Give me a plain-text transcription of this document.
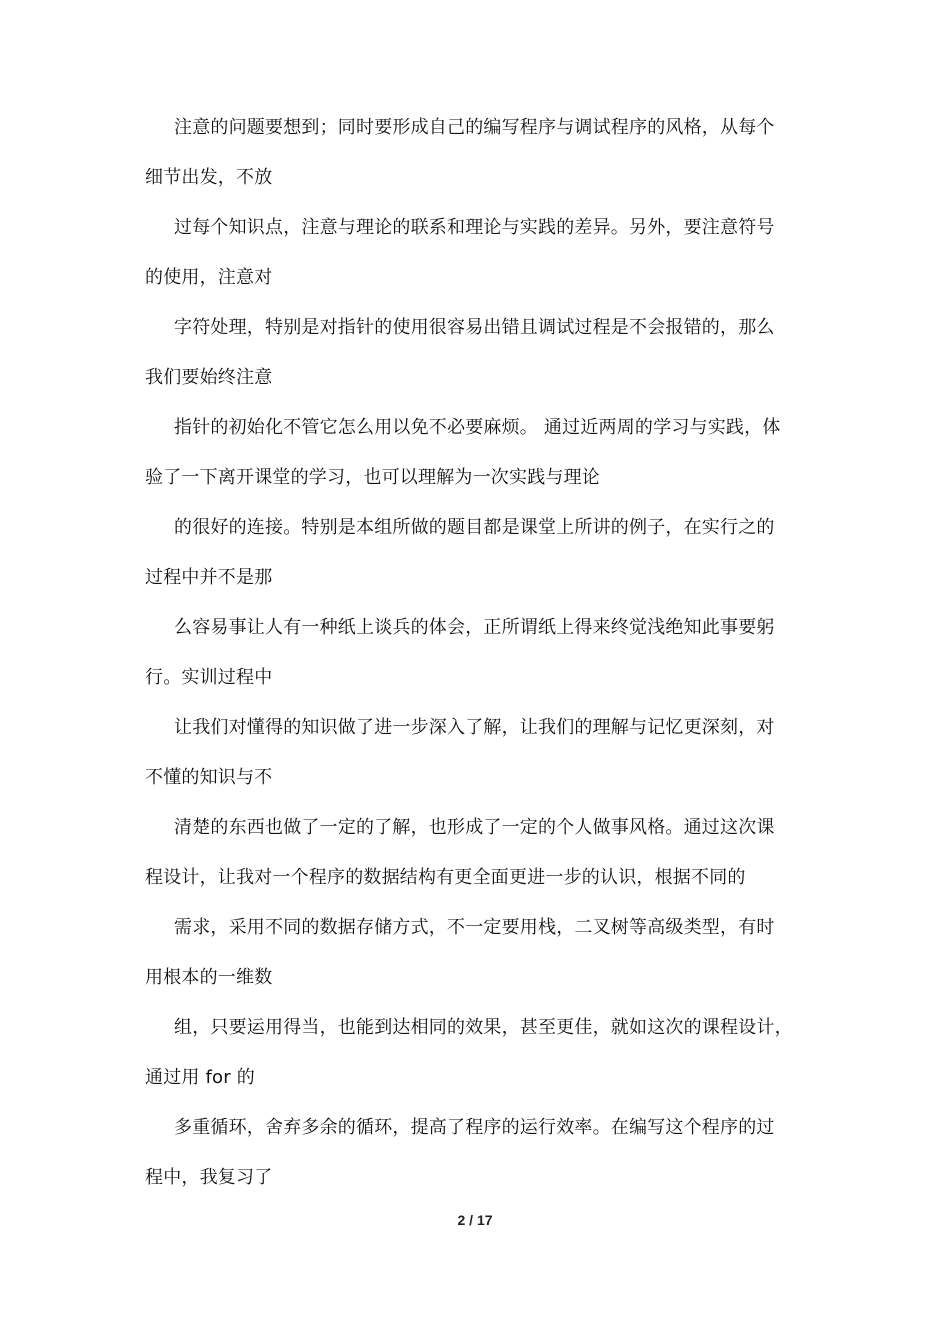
注意的问题要想到；同时要形成自己的编写程序与调试程序的风格，从每个
细节出发，不放
过每个知识点，注意与理论的联系和理论与实践的差异。另外，要注意符号
的使用，注意对
字符处理，特别是对指针的使用很容易出错且调试过程是不会报错的，那么
我们要始终注意
指针的初始化不管它怎么用以免不必要麻烦。 通过近两周的学习与实践，体
验了一下离开课堂的学习，也可以理解为一次实践与理论
的很好的连接。特别是本组所做的题目都是课堂上所讲的例子，在实行之的
过程中并不是那
么容易事让人有一种纸上谈兵的体会，正所谓纸上得来终觉浅绝知此事要躬
行。实训过程中
让我们对懂得的知识做了进一步深入了解，让我们的理解与记忆更深刻，对
不懂的知识与不
清楚的东西也做了一定的了解，也形成了一定的个人做事风格。通过这次课
程设计，让我对一个程序的数据结构有更全面更进一步的认识，根据不同的
需求，采用不同的数据存储方式，不一定要用栈，二叉树等高级类型，有时
用根本的一维数
组，只要运用得当，也能到达相同的效果，甚至更佳，就如这次的课程设计，
通过用 for 的
多重循环，舍弃多余的循环，提高了程序的运行效率。在编写这个程序的过
程中，我复习了
2 / 17
